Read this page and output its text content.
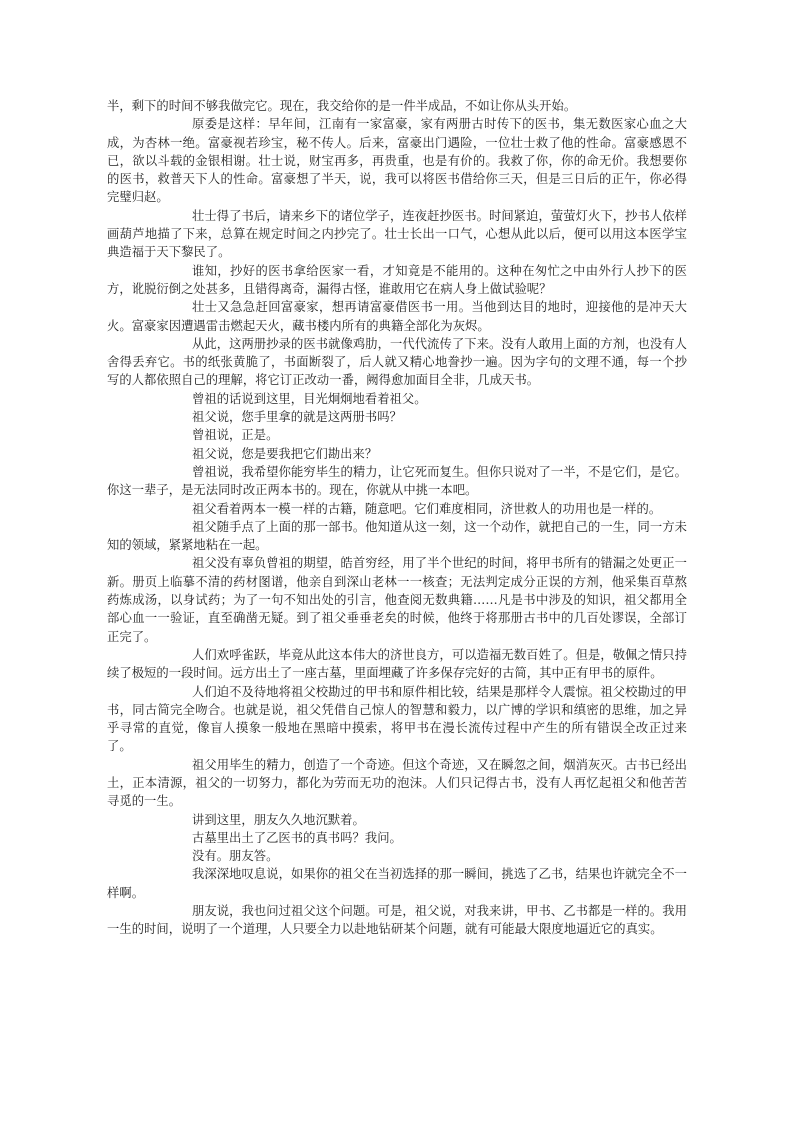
半，剩下的时间不够我做完它。现在，我交给你的是一件半成品，不如让你从头开始。

原委是这样：早年间，江南有一家富豪，家有两册古时传下的医书，集无数医家心血之大成，为杏林一绝。富豪视若珍宝，秘不传人。后来，富豪出门遇险，一位壮士救了他的性命。富豪感恩不已，欲以斗载的金银相谢。壮士说，财宝再多，再贵重，也是有价的。我救了你，你的命无价。我想要你的医书，救普天下人的性命。富豪想了半天，说，我可以将医书借给你三天，但是三日后的正午，你必得完璧归赵。

壮士得了书后，请来乡下的诸位学子，连夜赶抄医书。时间紧迫，萤萤灯火下，抄书人依样画葫芦地描了下来，总算在规定时间之内抄完了。壮士长出一口气，心想从此以后，便可以用这本医学宝典造福于天下黎民了。

谁知，抄好的医书拿给医家一看，才知竟是不能用的。这种在匆忙之中由外行人抄下的医方，讹脱衍倒之处甚多，且错得离奇，漏得古怪，谁敢用它在病人身上做试验呢？

壮士又急急赶回富豪家，想再请富豪借医书一用。当他到达目的地时，迎接他的是冲天大火。富豪家因遭遇雷击燃起天火，藏书楼内所有的典籍全部化为灰烬。

从此，这两册抄录的医书就像鸡肋，一代代流传了下来。没有人敢用上面的方剂，也没有人舍得丢弃它。书的纸张黄脆了，书面断裂了，后人就又精心地誊抄一遍。因为字句的文理不通，每一个抄写的人都依照自己的理解，将它订正改动一番，阙得愈加面目全非，几成天书。

曾祖的话说到这里，目光炯炯地看着祖父。

祖父说，您手里拿的就是这两册书吗？

曾祖说，正是。

祖父说，您是要我把它们勘出来？

曾祖说，我希望你能穷毕生的精力，让它死而复生。但你只说对了一半，不是它们，是它。你这一辈子，是无法同时改正两本书的。现在，你就从中挑一本吧。

祖父看着两本一模一样的古籍，随意吧。它们难度相同，济世救人的功用也是一样的。

祖父随手点了上面的那一部书。他知道从这一刻，这一个动作，就把自己的一生，同一方未知的领域，紧紧地粘在一起。

祖父没有辜负曾祖的期望，皓首穷经，用了半个世纪的时间，将甲书所有的错漏之处更正一新。册页上临摹不清的药材图谱，他亲自到深山老林一一核查；无法判定成分正误的方剂，他采集百草熬药炼成汤，以身试药；为了一句不知出处的引言，他查阅无数典籍……凡是书中涉及的知识，祖父都用全部心血一一验证，直至确凿无疑。到了祖父垂垂老矣的时候，他终于将那册古书中的几百处谬误，全部订正完了。

人们欢呼雀跃，毕竟从此这本伟大的济世良方，可以造福无数百姓了。但是，敬佩之情只持续了极短的一段时间。远方出土了一座古墓，里面埋藏了许多保存完好的古简，其中正有甲书的原件。

人们迫不及待地将祖父校勘过的甲书和原件相比较，结果是那样令人震惊。祖父校勘过的甲书，同古简完全吻合。也就是说，祖父凭借自己惊人的智慧和毅力，以广博的学识和缜密的思维，加之异乎寻常的直觉，像盲人摸象一般地在黑暗中摸索，将甲书在漫长流传过程中产生的所有错误全改正过来了。

祖父用毕生的精力，创造了一个奇迹。但这个奇迹，又在瞬忽之间，烟消灰灭。古书已经出土，正本清源，祖父的一切努力，都化为劳而无功的泡沫。人们只记得古书，没有人再忆起祖父和他苦苦寻觅的一生。

讲到这里，朋友久久地沉默着。

古墓里出土了乙医书的真书吗？我问。

没有。朋友答。

我深深地叹息说，如果你的祖父在当初选择的那一瞬间，挑选了乙书，结果也许就完全不一样啊。

朋友说，我也问过祖父这个问题。可是，祖父说，对我来讲，甲书、乙书都是一样的。我用一生的时间，说明了一个道理，人只要全力以赴地钻研某个问题，就有可能最大限度地逼近它的真实。
